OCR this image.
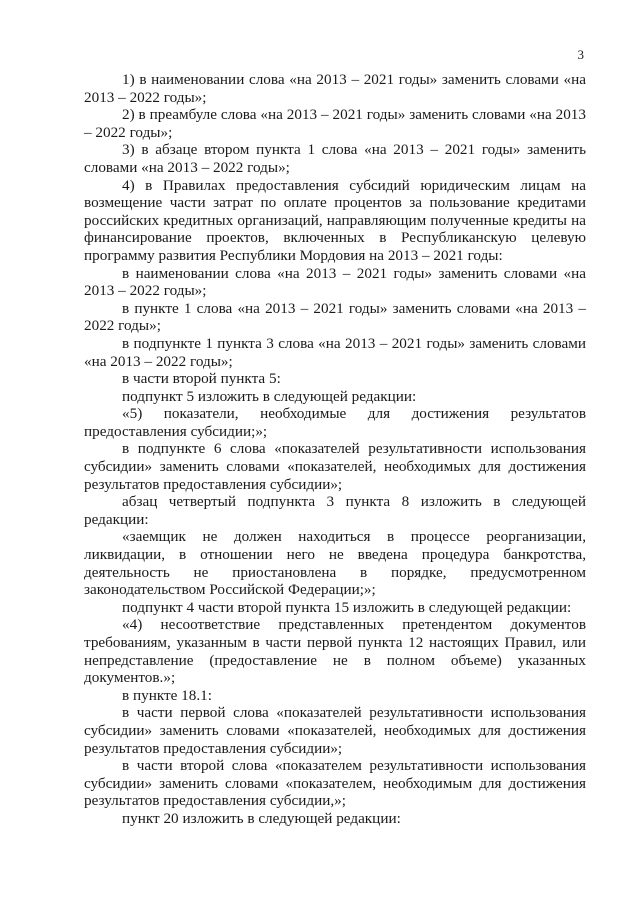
3

1) в наименовании слова «на 2013 – 2021 годы» заменить словами «на 2013 – 2022 годы»;

2) в преамбуле слова «на 2013 – 2021 годы» заменить словами «на 2013 – 2022 годы»;

3) в абзаце втором пункта 1 слова «на 2013 – 2021 годы» заменить словами «на 2013 – 2022 годы»;

4) в Правилах предоставления субсидий юридическим лицам на возмещение части затрат по оплате процентов за пользование кредитами российских кредитных организаций, направляющим полученные кредиты на финансирование проектов, включенных в Республиканскую целевую программу развития Республики Мордовия на 2013 – 2021 годы:

в наименовании слова «на 2013 – 2021 годы» заменить словами «на 2013 – 2022 годы»;

в пункте 1 слова «на 2013 – 2021 годы» заменить словами «на 2013 – 2022 годы»;

в подпункте 1 пункта 3 слова «на 2013 – 2021 годы» заменить словами «на 2013 – 2022 годы»;

в части второй пункта 5:

подпункт 5 изложить в следующей редакции:

«5) показатели, необходимые для достижения результатов предоставления субсидии;»;

в подпункте 6 слова «показателей результативности использования субсидии» заменить словами «показателей, необходимых для достижения результатов предоставления субсидии»;

абзац четвертый подпункта 3 пункта 8 изложить в следующей редакции:

«заемщик не должен находиться в процессе реорганизации, ликвидации, в отношении него не введена процедура банкротства, деятельность не приостановлена в порядке, предусмотренном законодательством Российской Федерации;»;

подпункт 4 части второй пункта 15 изложить в следующей редакции:

«4) несоответствие представленных претендентом документов требованиям, указанным в части первой пункта 12 настоящих Правил, или непредставление (предоставление не в полном объеме) указанных документов.»;

в пункте 18.1:

в части первой слова «показателей результативности использования субсидии» заменить словами «показателей, необходимых для достижения результатов предоставления субсидии»;

в части второй слова «показателем результативности использования субсидии» заменить словами «показателем, необходимым для достижения результатов предоставления субсидии,»;

пункт 20 изложить в следующей редакции:
